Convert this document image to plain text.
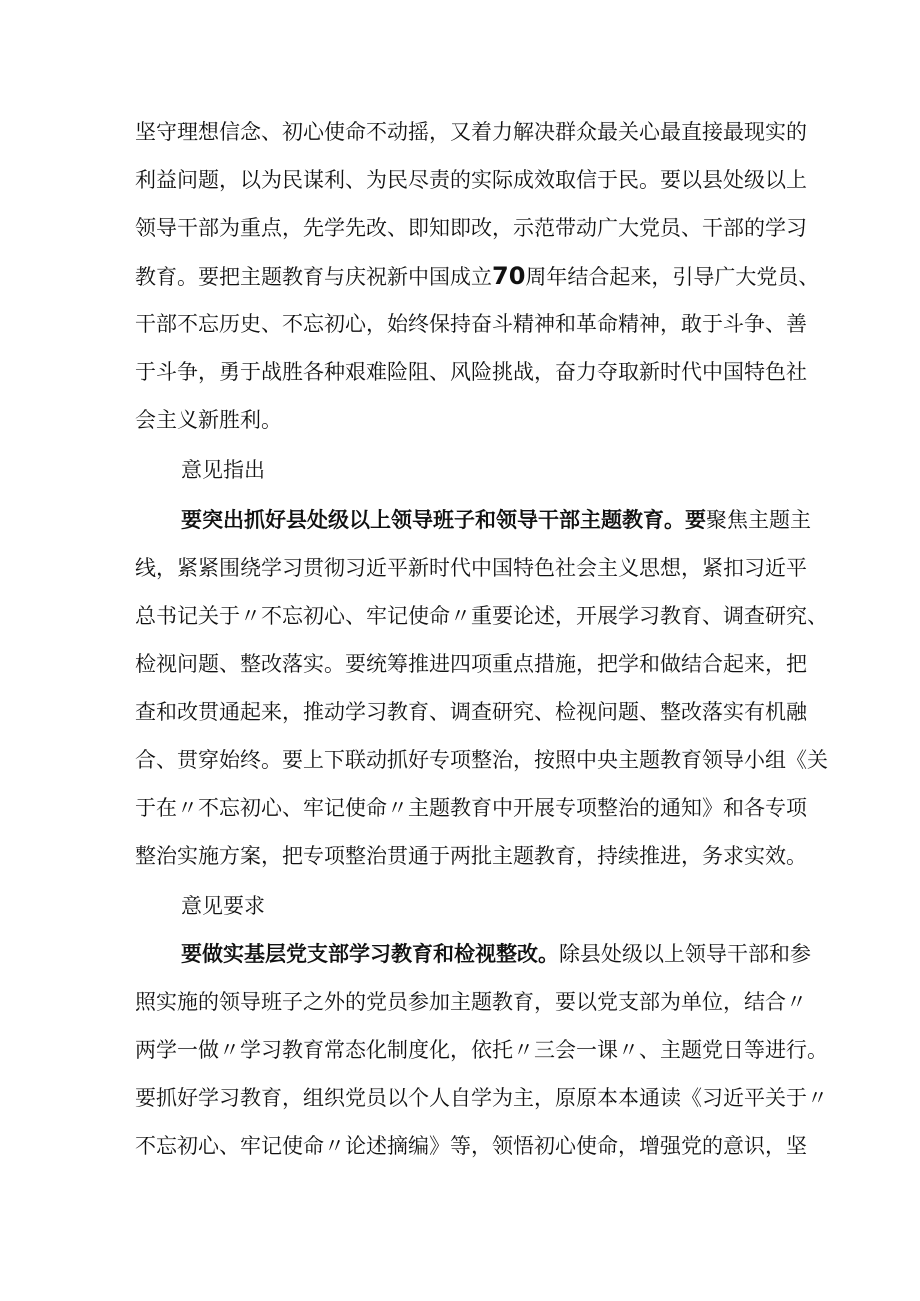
坚守理想信念、初心使命不动摇，又着力解决群众最关心最直接最现实的
利益问题，以为民谋利、为民尽责的实际成效取信于民。要以县处级以上
领导干部为重点，先学先改、即知即改，示范带动广大党员、干部的学习
教育。要把主题教育与庆祝新中国成立70周年结合起来，引导广大党员、
干部不忘历史、不忘初心，始终保持奋斗精神和革命精神，敢于斗争、善
于斗争，勇于战胜各种艰难险阻、风险挑战，奋力夺取新时代中国特色社
会主义新胜利。
意见指出
要突出抓好县处级以上领导班子和领导干部主题教育。要聚焦主题主
线，紧紧围绕学习贯彻习近平新时代中国特色社会主义思想，紧扣习近平
总书记关于〃不忘初心、牢记使命〃重要论述，开展学习教育、调查研究、
检视问题、整改落实。要统筹推进四项重点措施，把学和做结合起来，把
查和改贯通起来，推动学习教育、调查研究、检视问题、整改落实有机融
合、贯穿始终。要上下联动抓好专项整治，按照中央主题教育领导小组《关
于在〃不忘初心、牢记使命〃主题教育中开展专项整治的通知》和各专项
整治实施方案，把专项整治贯通于两批主题教育，持续推进，务求实效。
意见要求
要做实基层党支部学习教育和检视整改。除县处级以上领导干部和参
照实施的领导班子之外的党员参加主题教育，要以党支部为单位，结合〃
两学一做〃学习教育常态化制度化，依托〃三会一课〃、主题党日等进行。
要抓好学习教育，组织党员以个人自学为主，原原本本通读《习近平关于〃
不忘初心、牢记使命〃论述摘编》等，领悟初心使命，增强党的意识，坚
